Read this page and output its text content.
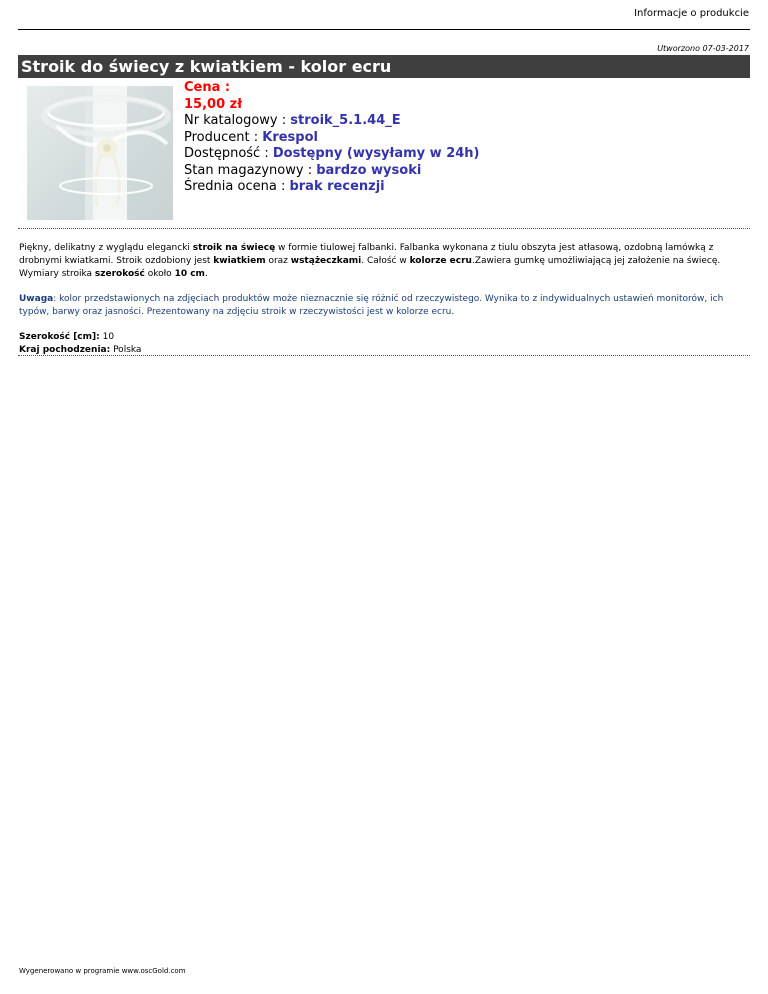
Informacje o produkcie
Utworzono 07-03-2017
Stroik do świecy z kwiatkiem - kolor ecru
Cena :
15,00 zł
Nr katalogowy : stroik_5.1.44_E
Producent : Krespol
Dostępność : Dostępny (wysyłamy w 24h)
Stan magazynowy : bardzo wysoki
Średnia ocena : brak recenzji
Piękny, delikatny z wyglądu elegancki stroik na świecę w formie tiulowej falbanki. Falbanka wykonana z tiulu obszyta jest atłasową, ozdobną lamówką z drobnymi kwiatkami. Stroik ozdobiony jest kwiatkiem oraz wstążeczkami. Całość w kolorze ecru.Zawiera gumkę umożliwiającą jej założenie na świecę. Wymiary stroika szerokość około 10 cm.
Uwaga: kolor przedstawionych na zdjęciach produktów może nieznacznie się różnić od rzeczywistego. Wynika to z indywidualnych ustawień monitorów, ich typów, barwy oraz jasności. Prezentowany na zdjęciu stroik w rzeczywistości jest w kolorze ecru.
Szerokość [cm]: 10
Kraj pochodzenia: Polska
Wygenerowano w programie www.oscGold.com
